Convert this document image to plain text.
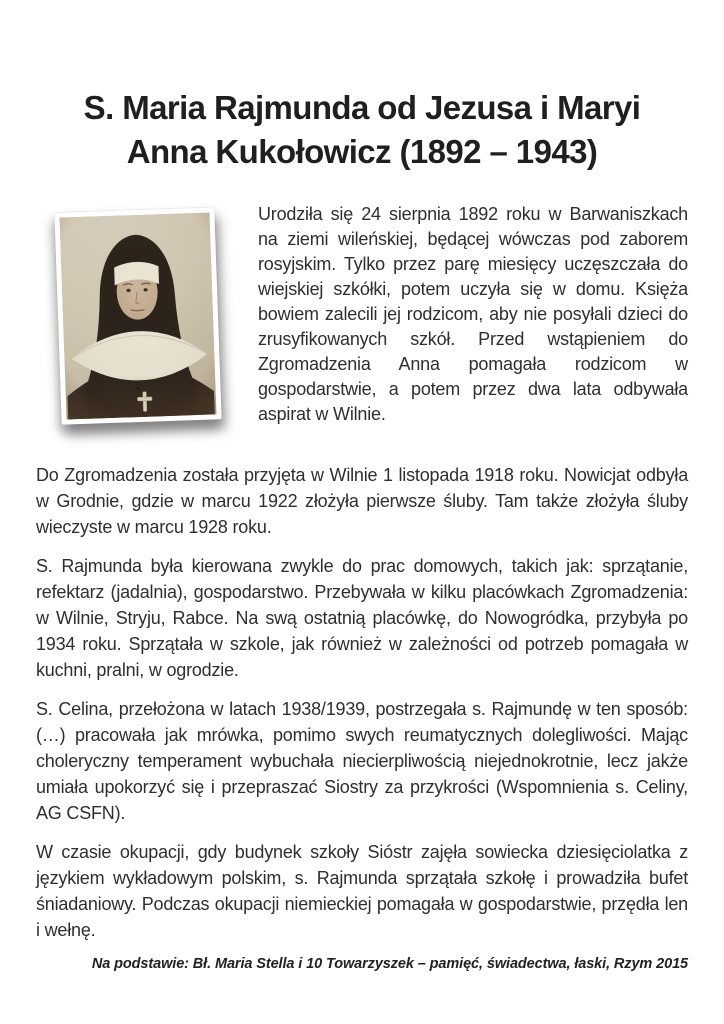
S. Maria Rajmunda od Jezusa i Maryi
Anna Kukołowicz (1892 – 1943)

Urodziła się 24 sierpnia 1892 roku w Barwaniszkach na ziemi wileńskiej, będącej wówczas pod zaborem rosyjskim. Tylko przez parę miesięcy uczęszczała do wiejskiej szkółki, potem uczyła się w domu. Księża bowiem zalecili jej rodzicom, aby nie posyłali dzieci do zrusyfikowanych szkół. Przed wstąpieniem do Zgromadzenia Anna pomagała rodzicom w gospodarstwie, a potem przez dwa lata odbywała aspirat w Wilnie.

Do Zgromadzenia została przyjęta w Wilnie 1 listopada 1918 roku. Nowicjat odbyła w Grodnie, gdzie w marcu 1922 złożyła pierwsze śluby. Tam także złożyła śluby wieczyste w marcu 1928 roku.

S. Rajmunda była kierowana zwykle do prac domowych, takich jak: sprzątanie, refektarz (jadalnia), gospodarstwo. Przebywała w kilku placówkach Zgromadzenia: w Wilnie, Stryju, Rabce. Na swą ostatnią placówkę, do Nowogródka, przybyła po 1934 roku. Sprzątała w szkole, jak również w zależności od potrzeb pomagała w kuchni, pralni, w ogrodzie.

S. Celina, przełożona w latach 1938/1939, postrzegała s. Rajmundę w ten sposób: (…) pracowała jak mrówka, pomimo swych reumatycznych dolegliwości. Mając choleryczny temperament wybuchała niecierpliwością niejednokrotnie, lecz jakże umiała upokorzyć się i przepraszać Siostry za przykrości (Wspomnienia s. Celiny, AG CSFN).

W czasie okupacji, gdy budynek szkoły Sióstr zajęła sowiecka dziesięciolatka z językiem wykładowym polskim, s. Rajmunda sprzątała szkołę i prowadziła bufet śniadaniowy. Podczas okupacji niemieckiej pomagała w gospodarstwie, przędła len i wełnę.

Na podstawie: Bł. Maria Stella i 10 Towarzyszek – pamięć, świadectwa, łaski, Rzym 2015
